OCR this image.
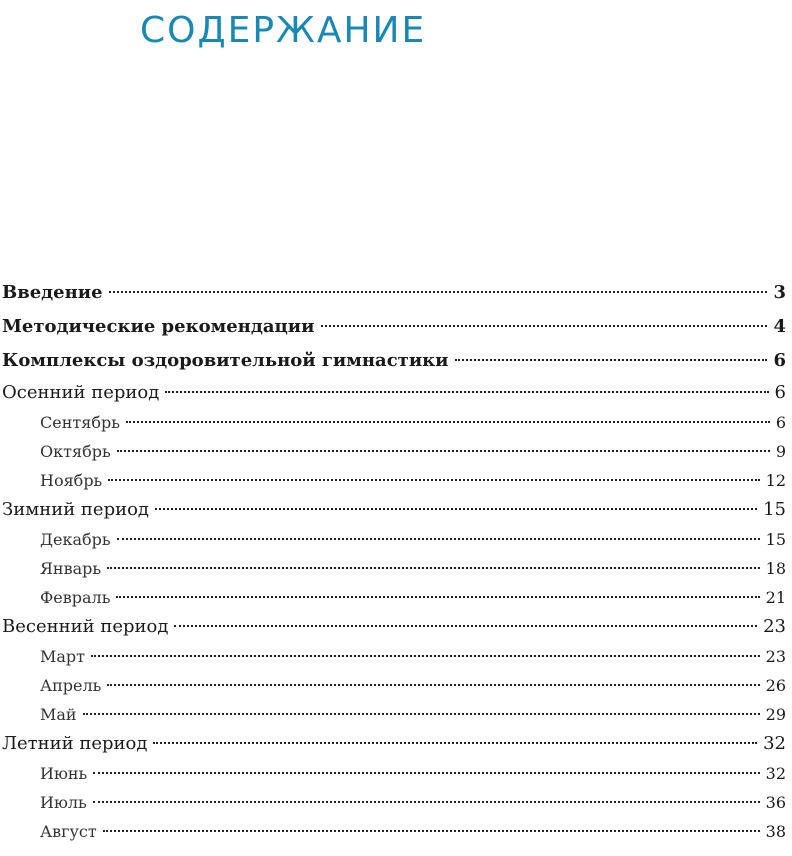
СОДЕРЖАНИЕ
Введение	3
Методические рекомендации	4
Комплексы оздоровительной гимнастики	6
Осенний период	6
Сентябрь	6
Октябрь	9
Ноябрь	12
Зимний период	15
Декабрь	15
Январь	18
Февраль	21
Весенний период	23
Март	23
Апрель	26
Май	29
Летний период	32
Июнь	32
Июль	36
Август	38
